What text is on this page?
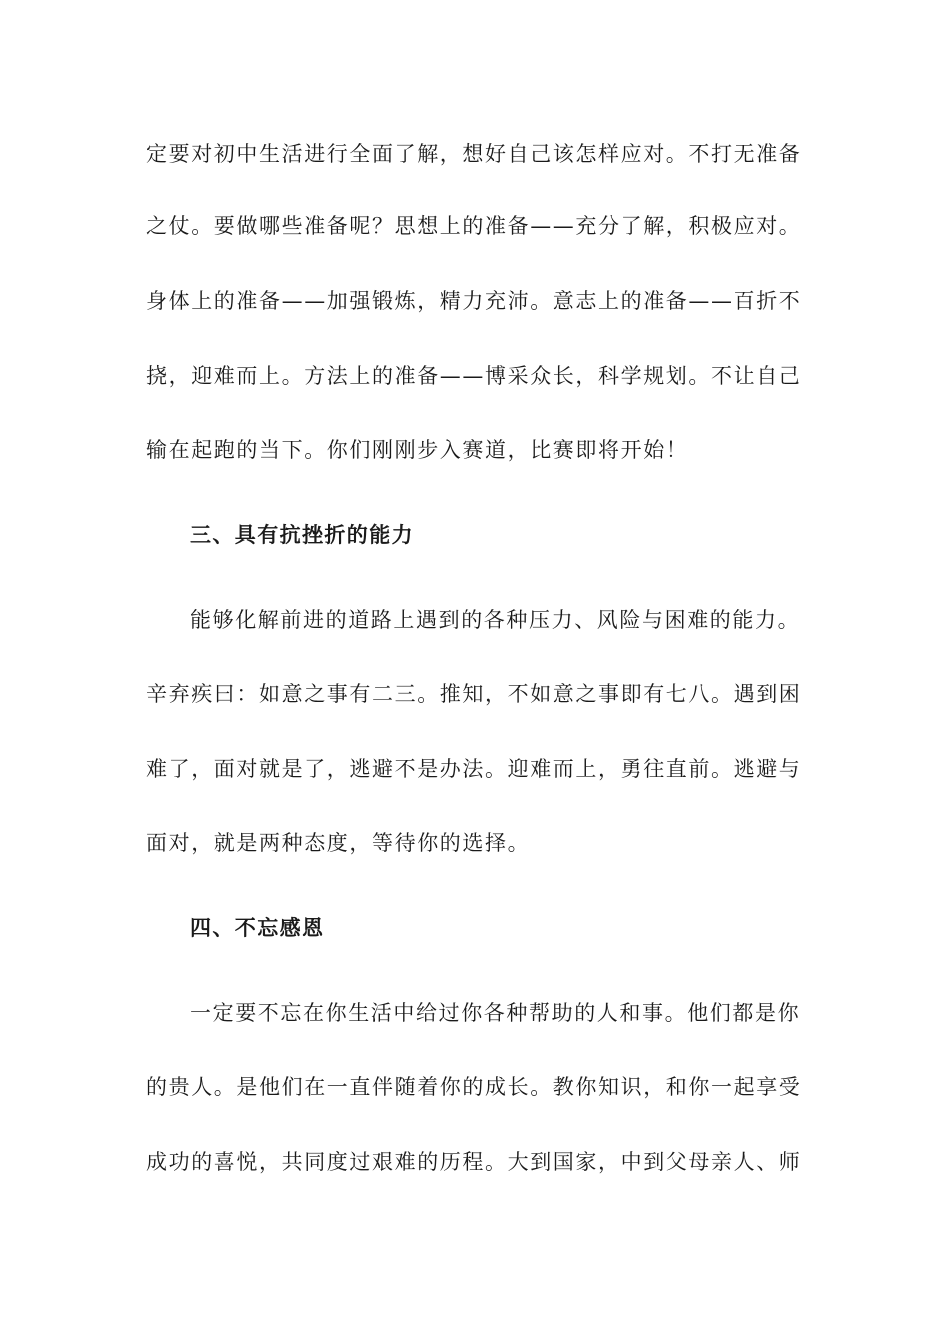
定要对初中生活进行全面了解，想好自己该怎样应对。不打无准备
之仗。要做哪些准备呢？思想上的准备——充分了解，积极应对。
身体上的准备——加强锻炼，精力充沛。意志上的准备——百折不
挠，迎难而上。方法上的准备——博采众长，科学规划。不让自己
输在起跑的当下。你们刚刚步入赛道，比赛即将开始！
三、具有抗挫折的能力
能够化解前进的道路上遇到的各种压力、风险与困难的能力。
辛弃疾曰：如意之事有二三。推知，不如意之事即有七八。遇到困
难了，面对就是了，逃避不是办法。迎难而上，勇往直前。逃避与
面对，就是两种态度，等待你的选择。
四、不忘感恩
一定要不忘在你生活中给过你各种帮助的人和事。他们都是你
的贵人。是他们在一直伴随着你的成长。教你知识，和你一起享受
成功的喜悦，共同度过艰难的历程。大到国家，中到父母亲人、师
